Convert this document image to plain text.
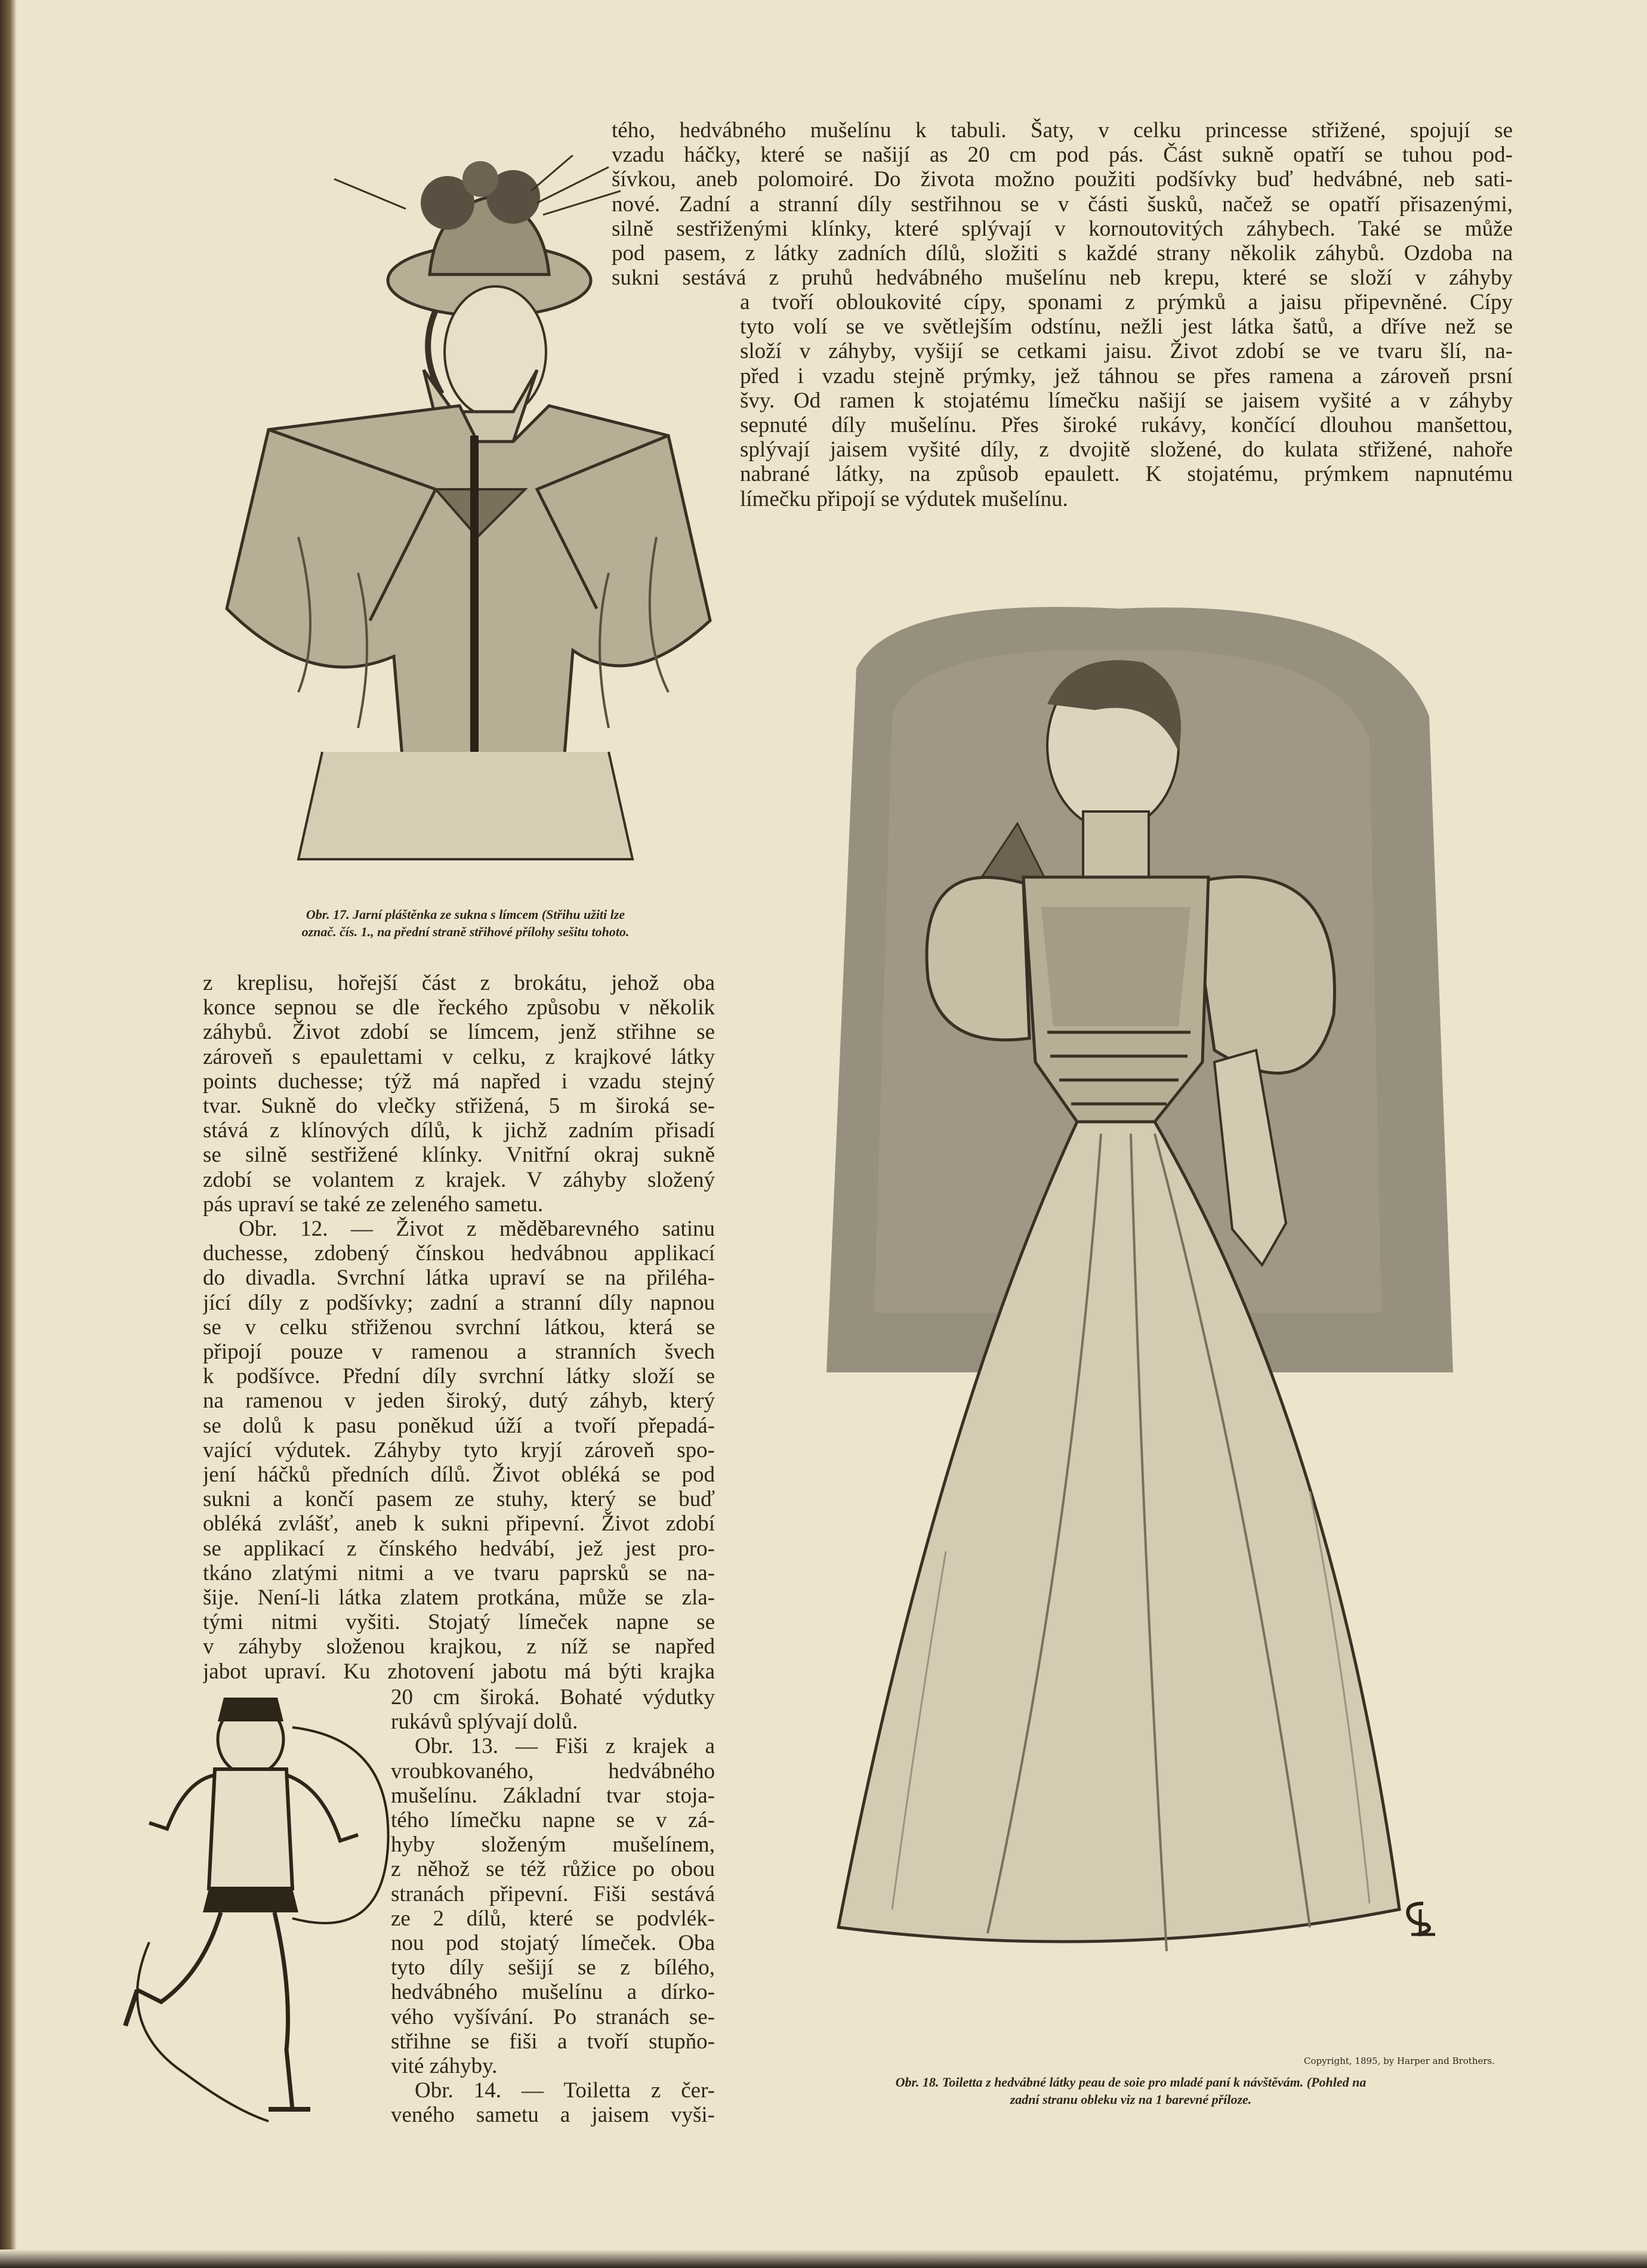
Obr. 17. Jarní pláštěnka ze sukna s límcem (Střihu užiti lze
označ. čís. 1., na přední straně střihové přílohy sešitu tohoto.
tého, hedvábného mušelínu k tabuli. Šaty, v celku princesse střižené, spojují se
vzadu háčky, které se našijí as 20 cm pod pás. Část sukně opatří se tuhou pod-
šívkou, aneb polomoiré. Do života možno použiti podšívky buď hedvábné, neb sati-
nové. Zadní a stranní díly sestřihnou se v části šusků, načež se opatří přisazenými,
silně sestřiženými klínky, které splývají v kornoutovitých záhybech. Také se může
pod pasem, z látky zadních dílů, složiti s každé strany několik záhybů. Ozdoba na
sukni sestává z pruhů hedvábného mušelínu neb krepu, které se složí v záhyby
a tvoří obloukovité cípy, sponami z prýmků a jaisu připevněné. Cípy
tyto volí se ve světlejším odstínu, nežli jest látka šatů, a dříve než se
složí v záhyby, vyšijí se cetkami jaisu. Život zdobí se ve tvaru šlí, na-
před i vzadu stejně prýmky, jež táhnou se přes ramena a zároveň prsní
švy. Od ramen k stojatému límečku našijí se jaisem vyšité a v záhyby
sepnuté díly mušelínu. Přes široké rukávy, končící dlouhou manšettou,
splývají jaisem vyšité díly, z dvojitě složené, do kulata střižené, nahoře
nabrané látky, na způsob epaulett. K stojatému, prýmkem napnutému
límečku připojí se výdutek mušelínu.
Copyright, 1895, by Harper and Brothers.
Obr. 18. Toiletta z hedvábné látky peau de soie pro mladé paní k návštěvám. (Pohled na
zadní stranu obleku viz na 1 barevné příloze.
z kreplisu, hořejší část z brokátu, jehož oba
konce sepnou se dle řeckého způsobu v několik
záhybů. Život zdobí se límcem, jenž střihne se
zároveň s epaulettami v celku, z krajkové látky
points duchesse; týž má napřed i vzadu stejný
tvar. Sukně do vlečky střižená, 5 m široká se-
stává z klínových dílů, k jichž zadním přisadí
se silně sestřižené klínky. Vnitřní okraj sukně
zdobí se volantem z krajek. V záhyby složený
pás upraví se také ze zeleného sametu.
Obr. 12. — Život z měděbarevného satinu
duchesse, zdobený čínskou hedvábnou applikací
do divadla. Svrchní látka upraví se na přiléha-
jící díly z podšívky; zadní a stranní díly napnou
se v celku střiženou svrchní látkou, která se
připojí pouze v ramenou a stranních švech
k podšívce. Přední díly svrchní látky složí se
na ramenou v jeden široký, dutý záhyb, který
se dolů k pasu poněkud úží a tvoří přepadá-
vající výdutek. Záhyby tyto kryjí zároveň spo-
jení háčků předních dílů. Život obléká se pod
sukni a končí pasem ze stuhy, který se buď
obléká zvlášť, aneb k sukni připevní. Život zdobí
se applikací z čínského hedvábí, jež jest pro-
tkáno zlatými nitmi a ve tvaru paprsků se na-
šije. Není-li látka zlatem protkána, může se zla-
tými nitmi vyšiti. Stojatý límeček napne se
v záhyby složenou krajkou, z níž se napřed
jabot upraví. Ku zhotovení jabotu má býti krajka
20 cm široká. Bohaté výdutky
rukávů splývají dolů.
Obr. 13. — Fiši z krajek a
vroubkovaného, hedvábného
mušelínu. Základní tvar stoja-
tého límečku napne se v zá-
hyby složeným mušelínem,
z něhož se též růžice po obou
stranách připevní. Fiši sestává
ze 2 dílů, které se podvlék-
nou pod stojatý límeček. Oba
tyto díly sešijí se z bílého,
hedvábného mušelínu a dírko-
vého vyšívání. Po stranách se-
střihne se fiši a tvoří stupňo-
vité záhyby.
Obr. 14. — Toiletta z čer-
veného sametu a jaisem vyši-
